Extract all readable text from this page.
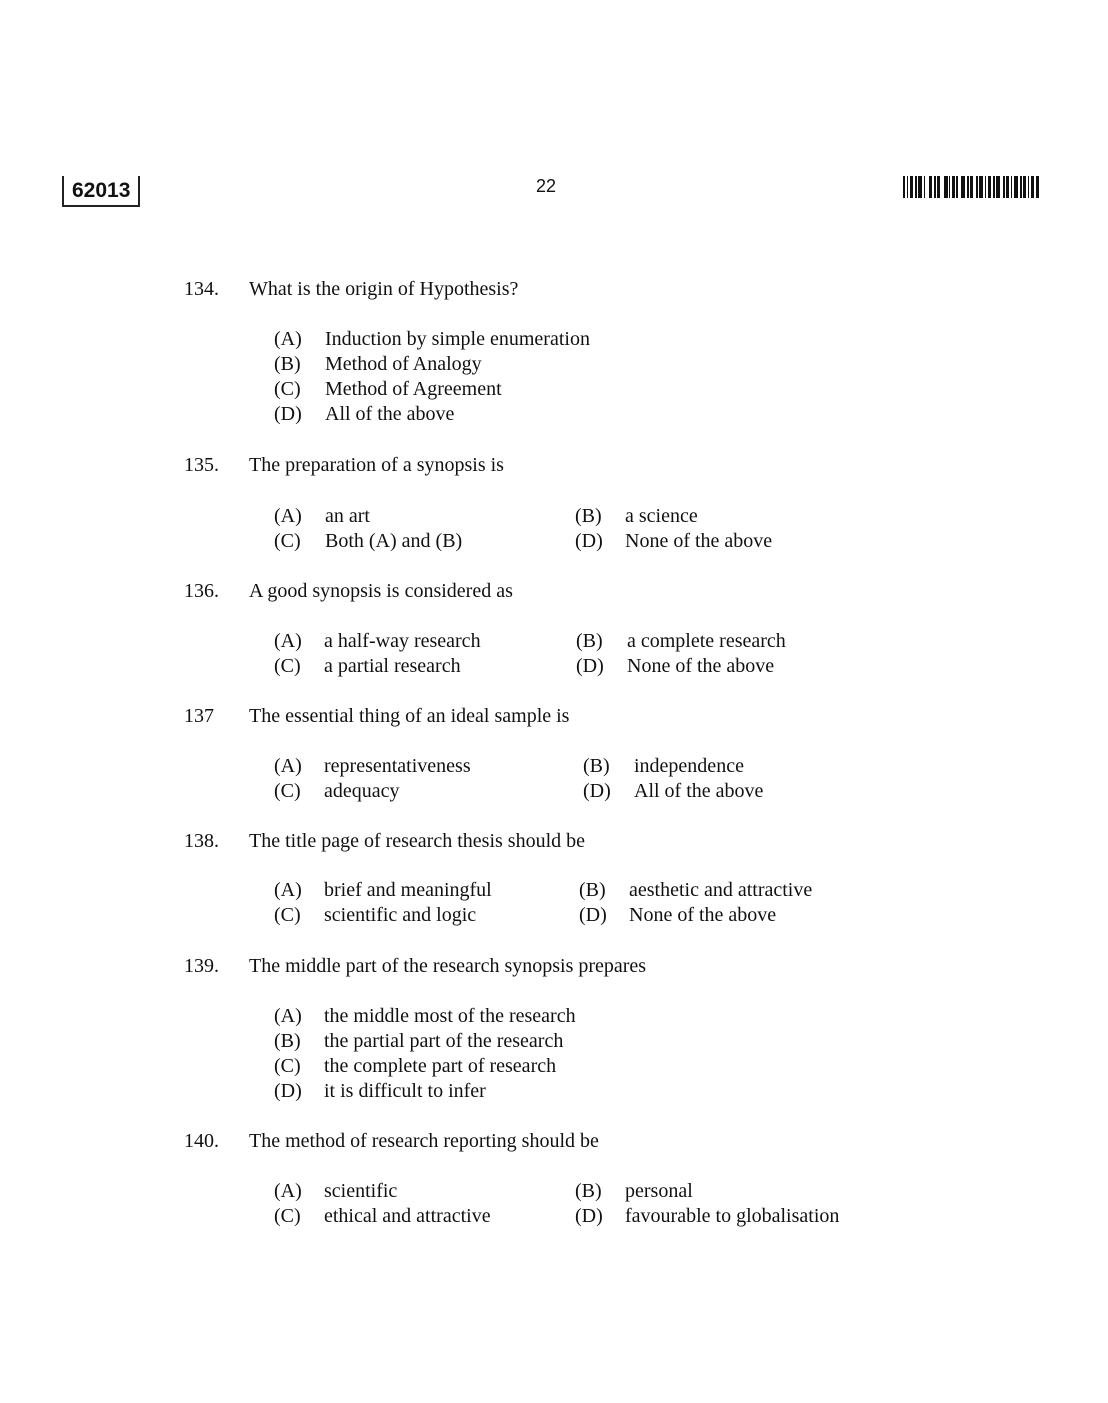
62013	22
134. What is the origin of Hypothesis?
(A) Induction by simple enumeration
(B) Method of Analogy
(C) Method of Agreement
(D) All of the above
135. The preparation of a synopsis is
(A) an art	(B) a science
(C) Both (A) and (B)	(D) None of the above
136. A good synopsis is considered as
(A) a half-way research	(B) a complete research
(C) a partial research	(D) None of the above
137 The essential thing of an ideal sample is
(A) representativeness	(B) independence
(C) adequacy	(D) All of the above
138. The title page of research thesis should be
(A) brief and meaningful	(B) aesthetic and attractive
(C) scientific and logic	(D) None of the above
139. The middle part of the research synopsis prepares
(A) the middle most of the research
(B) the partial part of the research
(C) the complete part of research
(D) it is difficult to infer
140. The method of research reporting should be
(A) scientific	(B) personal
(C) ethical and attractive	(D) favourable to globalisation
